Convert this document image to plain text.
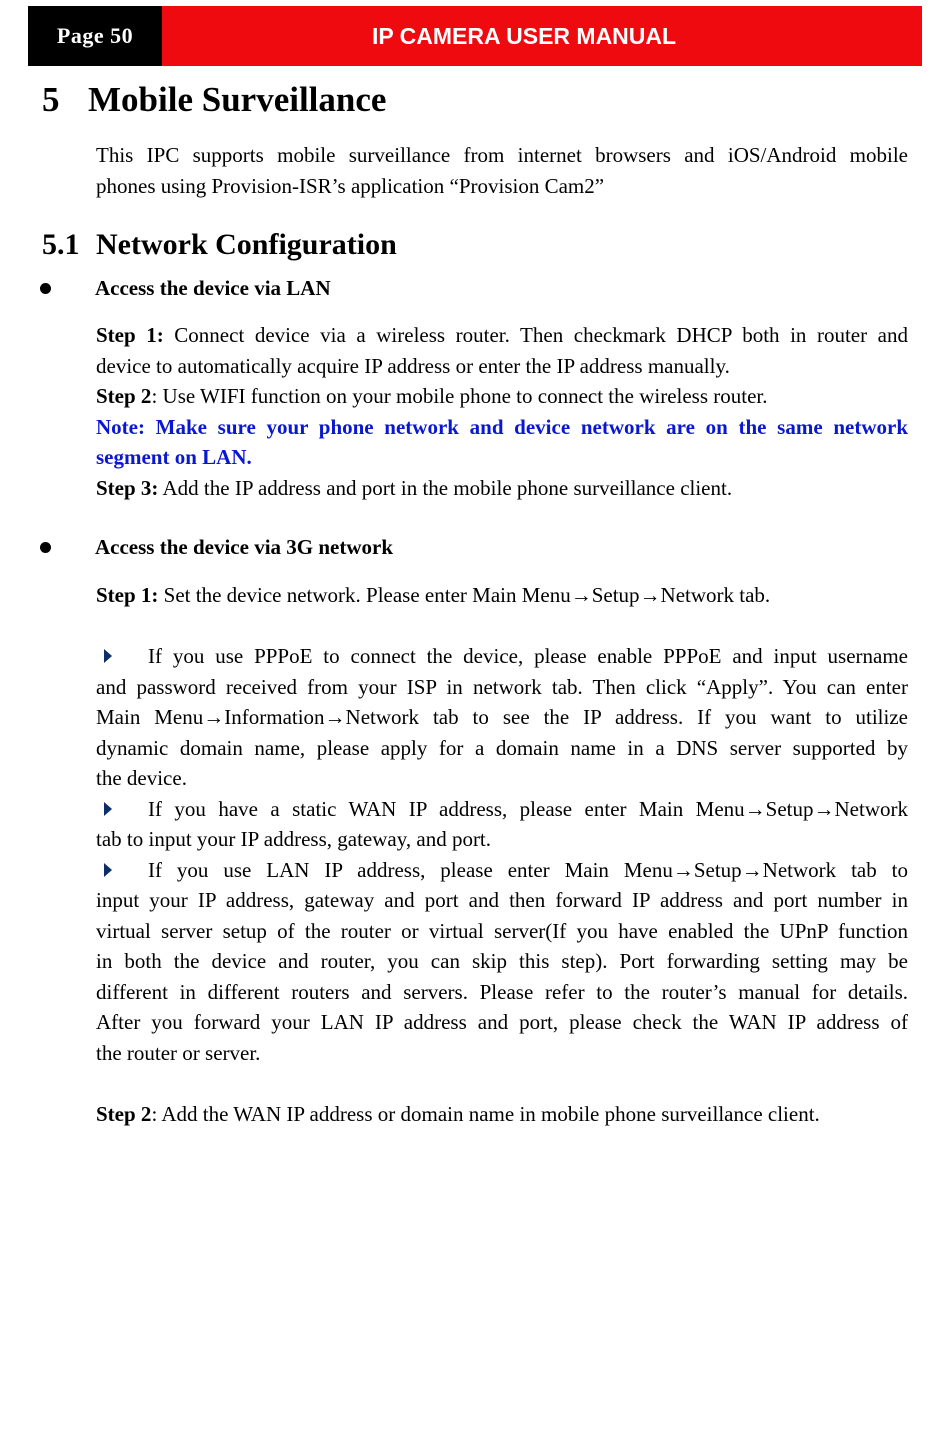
Page 50	IP CAMERA USER MANUAL
5 Mobile Surveillance
This IPC supports mobile surveillance from internet browsers and iOS/Android mobile
phones using Provision-ISR’s application “Provision Cam2”
5.1 Network Configuration
Access the device via LAN
Step 1: Connect device via a wireless router. Then checkmark DHCP both in router and
device to automatically acquire IP address or enter the IP address manually.
Step 2: Use WIFI function on your mobile phone to connect the wireless router.
Note: Make sure your phone network and device network are on the same network
segment on LAN.
Step 3: Add the IP address and port in the mobile phone surveillance client.
Access the device via 3G network
Step 1: Set the device network. Please enter Main Menu→Setup→Network tab.
If you use PPPoE to connect the device, please enable PPPoE and input username
and password received from your ISP in network tab. Then click “Apply”. You can enter
Main Menu→Information→Network tab to see the IP address. If you want to utilize
dynamic domain name, please apply for a domain name in a DNS server supported by
the device.
If you have a static WAN IP address, please enter Main Menu→Setup→Network
tab to input your IP address, gateway, and port.
If you use LAN IP address, please enter Main Menu→Setup→Network tab to
input your IP address, gateway and port and then forward IP address and port number in
virtual server setup of the router or virtual server(If you have enabled the UPnP function
in both the device and router, you can skip this step). Port forwarding setting may be
different in different routers and servers. Please refer to the router’s manual for details.
After you forward your LAN IP address and port, please check the WAN IP address of
the router or server.
Step 2: Add the WAN IP address or domain name in mobile phone surveillance client.
